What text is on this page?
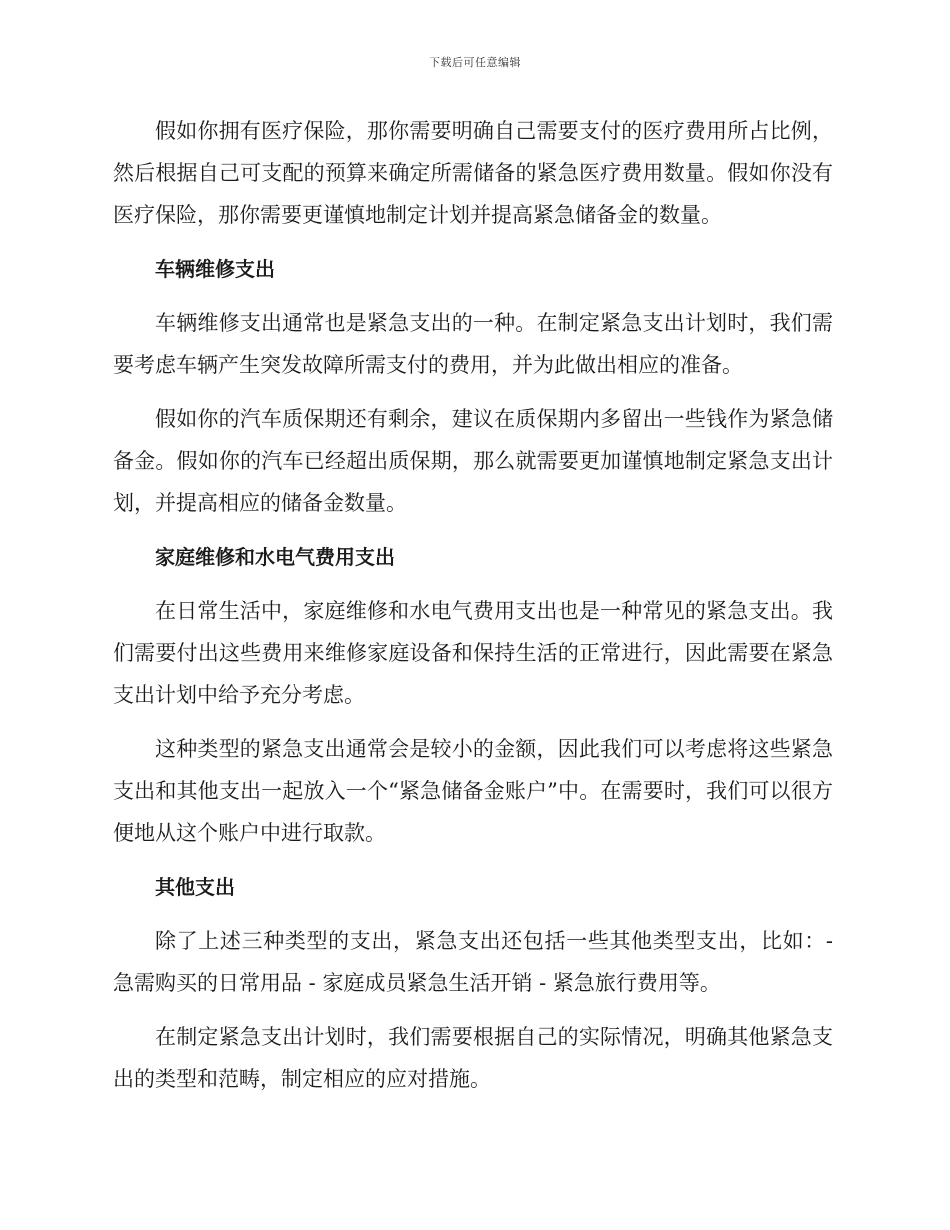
下载后可任意编辑

假如你拥有医疗保险，那你需要明确自己需要支付的医疗费用所占比例，然后根据自己可支配的预算来确定所需储备的紧急医疗费用数量。假如你没有医疗保险，那你需要更谨慎地制定计划并提高紧急储备金的数量。

车辆维修支出

车辆维修支出通常也是紧急支出的一种。在制定紧急支出计划时，我们需要考虑车辆产生突发故障所需支付的费用，并为此做出相应的准备。

假如你的汽车质保期还有剩余，建议在质保期内多留出一些钱作为紧急储备金。假如你的汽车已经超出质保期，那么就需要更加谨慎地制定紧急支出计划，并提高相应的储备金数量。

家庭维修和水电气费用支出

在日常生活中，家庭维修和水电气费用支出也是一种常见的紧急支出。我们需要付出这些费用来维修家庭设备和保持生活的正常进行，因此需要在紧急支出计划中给予充分考虑。

这种类型的紧急支出通常会是较小的金额，因此我们可以考虑将这些紧急支出和其他支出一起放入一个“紧急储备金账户”中。在需要时，我们可以很方便地从这个账户中进行取款。

其他支出

除了上述三种类型的支出，紧急支出还包括一些其他类型支出，比如：- 急需购买的日常用品 - 家庭成员紧急生活开销 - 紧急旅行费用等。

在制定紧急支出计划时，我们需要根据自己的实际情况，明确其他紧急支出的类型和范畴，制定相应的应对措施。
